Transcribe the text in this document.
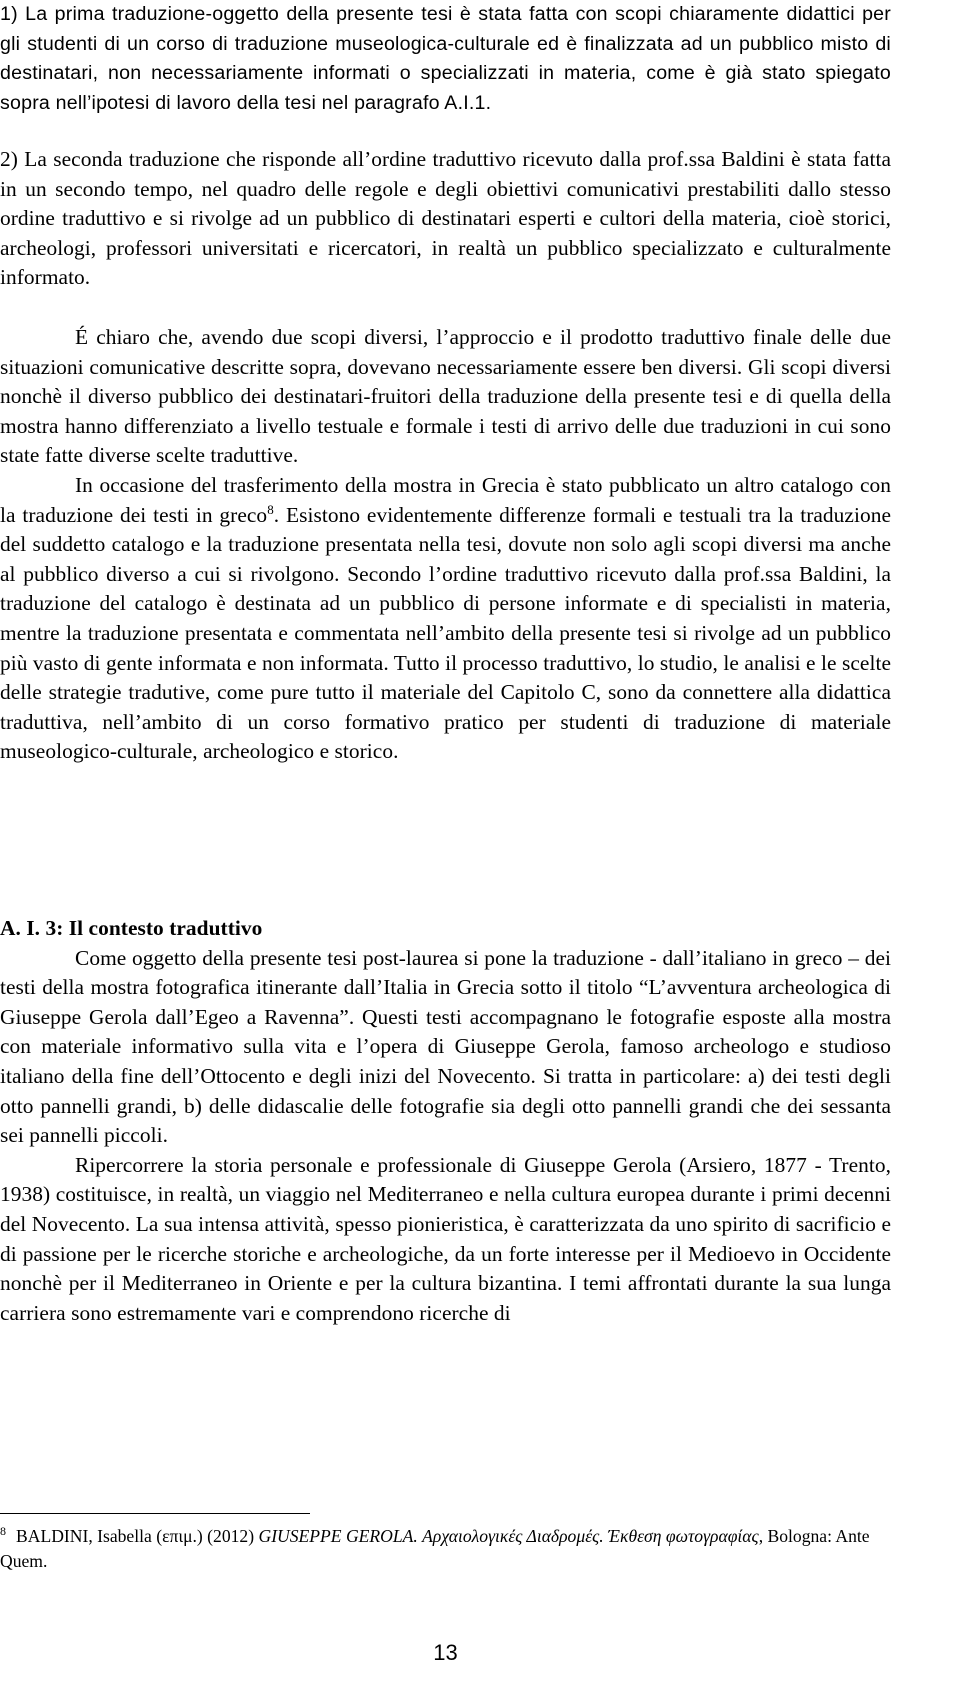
1) La prima traduzione-oggetto della presente tesi è stata fatta con scopi chiaramente didattici per gli studenti di un corso di traduzione museologica-culturale ed è finalizzata ad un pubblico misto di destinatari, non necessariamente informati o specializzati in materia, come è già stato spiegato sopra nell’ipotesi di lavoro della tesi nel paragrafo A.I.1.

2) La seconda traduzione che risponde all’ordine traduttivo ricevuto dalla prof.ssa Baldini è stata fatta in un secondo tempo, nel quadro delle regole e degli obiettivi comunicativi prestabiliti dallo stesso ordine traduttivo e si rivolge ad un pubblico di destinatari esperti e cultori della materia, cioè storici, archeologi, professori universitati e ricercatori, in realtà un pubblico specializzato e culturalmente informato.

É chiaro che, avendo due scopi diversi, l’approccio e il prodotto traduttivo finale delle due situazioni comunicative descritte sopra, dovevano necessariamente essere ben diversi. Gli scopi diversi nonchè il diverso pubblico dei destinatari-fruitori della traduzione della presente tesi e di quella della mostra hanno differenziato a livello testuale e formale i testi di arrivo delle due traduzioni in cui sono state fatte diverse scelte traduttive.

In occasione del trasferimento della mostra in Grecia è stato pubblicato un altro catalogo con la traduzione dei testi in greco$^8$. Esistono evidentemente differenze formali e testuali tra la traduzione del suddetto catalogo e la traduzione presentata nella tesi, dovute non solo agli scopi diversi ma anche al pubblico diverso a cui si rivolgono. Secondo l’ordine traduttivo ricevuto dalla prof.ssa Baldini, la traduzione del catalogo è destinata ad un pubblico di persone informate e di specialisti in materia, mentre la traduzione presentata e commentata nell’ambito della presente tesi si rivolge ad un pubblico più vasto di gente informata e non informata. Tutto il processo traduttivo, lo studio, le analisi e le scelte delle strategie tradutive, come pure tutto il materiale del Capitolo C, sono da connettere alla didattica traduttiva, nell’ambito di un corso formativo pratico per studenti di traduzione di materiale museologico-culturale, archeologico e storico.

A. I. 3: Il contesto traduttivo

Come oggetto della presente tesi post-laurea si pone la traduzione - dall’italiano in greco – dei testi della mostra fotografica itinerante dall’Italia in Grecia sotto il titolo “L’avventura archeologica di Giuseppe Gerola dall’Egeo a Ravenna”. Questi testi accompagnano le fotografie esposte alla mostra con materiale informativo sulla vita e l’opera di Giuseppe Gerola, famoso archeologo e studioso italiano della fine dell’Ottocento e degli inizi del Novecento. Si tratta in particolare: a) dei testi degli otto pannelli grandi, b) delle didascalie delle fotografie sia degli otto pannelli grandi che dei sessanta sei pannelli piccoli.

Ripercorrere la storia personale e professionale di Giuseppe Gerola (Arsiero, 1877 - Trento, 1938) costituisce, in realtà, un viaggio nel Mediterraneo e nella cultura europea durante i primi decenni del Novecento. La sua intensa attività, spesso pionieristica, è caratterizzata da uno spirito di sacrificio e di passione per le ricerche storiche e archeologiche, da un forte interesse per il Medioevo in Occidente nonchè per il Mediterraneo in Oriente e per la cultura bizantina. I temi affrontati durante la sua lunga carriera sono estremamente vari e comprendono ricerche di

$^8$ BALDINI, Isabella (επιμ.) (2012) GIUSEPPE GEROLA. Αρχαιολογικές Διαδρομές. Έκθεση φωτογραφίας, Bologna: Ante Quem.
13
